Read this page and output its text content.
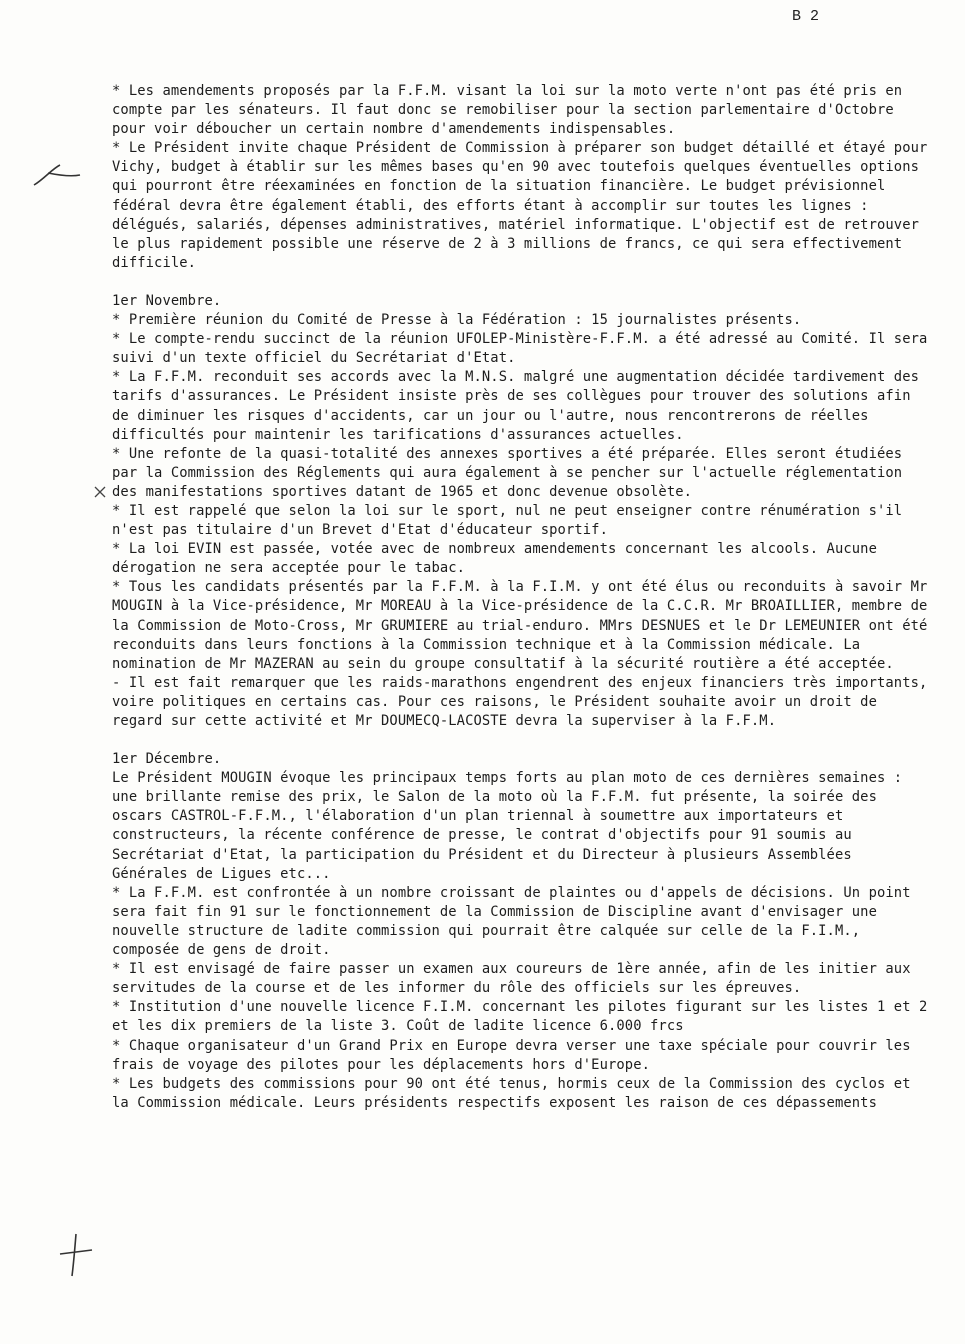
B 2

* Les amendements proposés par la F.F.M. visant la loi sur la moto verte n'ont pas été pris en compte par les sénateurs. Il faut donc se remobiliser pour la section parlementaire d'Octobre pour voir déboucher un certain nombre d'amendements indispensables.

* Le Président invite chaque Président de Commission à préparer son budget détaillé et étayé pour Vichy, budget à établir sur les mêmes bases qu'en 90 avec toutefois quelques éventuelles options qui pourront être réexaminées en fonction de la situation financière. Le budget prévisionnel fédéral devra être également établi, des efforts étant à accomplir sur toutes les lignes : délégués, salariés, dépenses administratives, matériel informatique. L'objectif est de retrouver le plus rapidement possible une réserve de 2 à 3 millions de francs, ce qui sera effectivement difficile.

1er Novembre.

* Première réunion du Comité de Presse à la Fédération : 15 journalistes présents.

* Le compte-rendu succinct de la réunion UFOLEP-Ministère-F.F.M. a été adressé au Comité. Il sera suivi d'un texte officiel du Secrétariat d'Etat.

* La F.F.M. reconduit ses accords avec la M.N.S. malgré une augmentation décidée tardivement des tarifs d'assurances. Le Président insiste près de ses collègues pour trouver des solutions afin de diminuer les risques d'accidents, car un jour ou l'autre, nous rencontrerons de réelles difficultés pour maintenir les tarifications d'assurances actuelles.

* Une refonte de la quasi-totalité des annexes sportives a été préparée. Elles seront étudiées par la Commission des Réglements qui aura également à se pencher sur l'actuelle réglementation des manifestations sportives datant de 1965 et donc devenue obsolète.

* Il est rappelé que selon la loi sur le sport, nul ne peut enseigner contre rénumération s'il n'est pas titulaire d'un Brevet d'Etat d'éducateur sportif.

* La loi EVIN est passée, votée avec de nombreux amendements concernant les alcools. Aucune dérogation ne sera acceptée pour le tabac.

* Tous les candidats présentés par la F.F.M. à la F.I.M. y ont été élus ou reconduits à savoir Mr MOUGIN à la Vice-présidence, Mr MOREAU à la Vice-présidence de la C.C.R. Mr BROAILLIER, membre de la Commission de Moto-Cross, Mr GRUMIERE au trial-enduro. MMrs DESNUES et le Dr LEMEUNIER ont été reconduits dans leurs fonctions à la Commission technique et à la Commission médicale. La nomination de Mr MAZERAN au sein du groupe consultatif à la sécurité routière a été acceptée.

- Il est fait remarquer que les raids-marathons engendrent des enjeux financiers très importants, voire politiques en certains cas. Pour ces raisons, le Président souhaite avoir un droit de regard sur cette activité et Mr DOUMECQ-LACOSTE devra la superviser à la F.F.M.

1er Décembre.

Le Président MOUGIN évoque les principaux temps forts au plan moto de ces dernières semaines : une brillante remise des prix, le Salon de la moto où la F.F.M. fut présente, la soirée des oscars CASTROL-F.F.M., l'élaboration d'un plan triennal à soumettre aux importateurs et constructeurs, la récente conférence de presse, le contrat d'objectifs pour 91 soumis au Secrétariat d'Etat, la participation du Président et du Directeur à plusieurs Assemblées Générales de Ligues etc...

* La F.F.M. est confrontée à un nombre croissant de plaintes ou d'appels de décisions. Un point sera fait fin 91 sur le fonctionnement de la Commission de Discipline avant d'envisager une nouvelle structure de ladite commission qui pourrait être calquée sur celle de la F.I.M., composée de gens de droit.

* Il est envisagé de faire passer un examen aux coureurs de 1ère année, afin de les initier aux servitudes de la course et de les informer du rôle des officiels sur les épreuves.

* Institution d'une nouvelle licence F.I.M. concernant les pilotes figurant sur les listes 1 et 2 et les dix premiers de la liste 3. Coût de ladite licence 6.000 frcs

* Chaque organisateur d'un Grand Prix en Europe devra verser une taxe spéciale pour couvrir les frais de voyage des pilotes pour les déplacements hors d'Europe.

* Les budgets des commissions pour 90 ont été tenus, hormis ceux de la Commission des cyclos et la Commission médicale. Leurs présidents respectifs exposent les raison de ces dépassements
